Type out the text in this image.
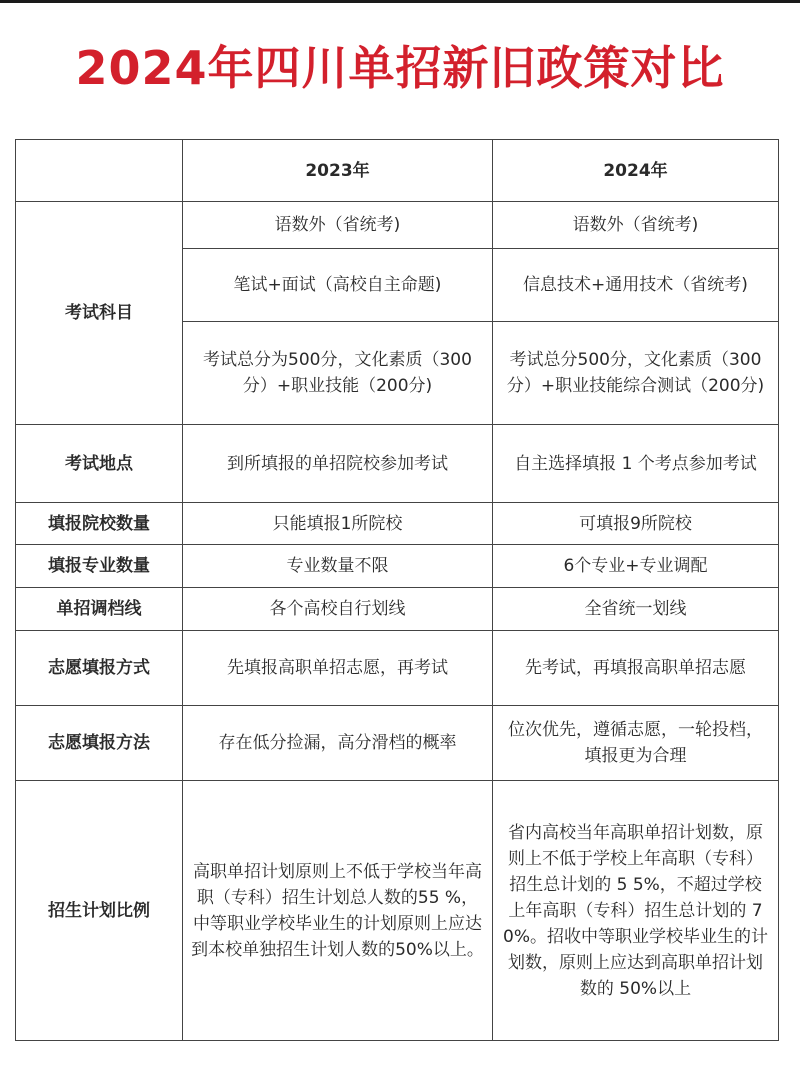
2024年四川单招新旧政策对比
	2023年	2024年
考试科目	语数外（省统考)	语数外（省统考)
	笔试+面试（高校自主命题)	信息技术+通用技术（省统考)
	考试总分为500分，文化素质（300分）+职业技能（200分)	考试总分500分，文化素质（300分）+职业技能综合测试（200分)
考试地点	到所填报的单招院校参加考试	自主选择填报 1 个考点参加考试
填报院校数量	只能填报1所院校	可填报9所院校
填报专业数量	专业数量不限	6个专业+专业调配
单招调档线	各个高校自行划线	全省统一划线
志愿填报方式	先填报高职单招志愿，再考试	先考试，再填报高职单招志愿
志愿填报方法	存在低分捡漏，高分滑档的概率	位次优先，遵循志愿，一轮投档，填报更为合理
招生计划比例	高职单招计划原则上不低于学校当年高职（专科）招生计划总人数的55 %，中等职业学校毕业生的计划原则上应达到本校单独招生计划人数的50%以上。	省内高校当年高职单招计划数，原则上不低于学校上年高职（专科）招生总计划的 5 5%，不超过学校上年高职（专科）招生总计划的 7 0%。招收中等职业学校毕业生的计划数，原则上应达到高职单招计划数的 50%以上
